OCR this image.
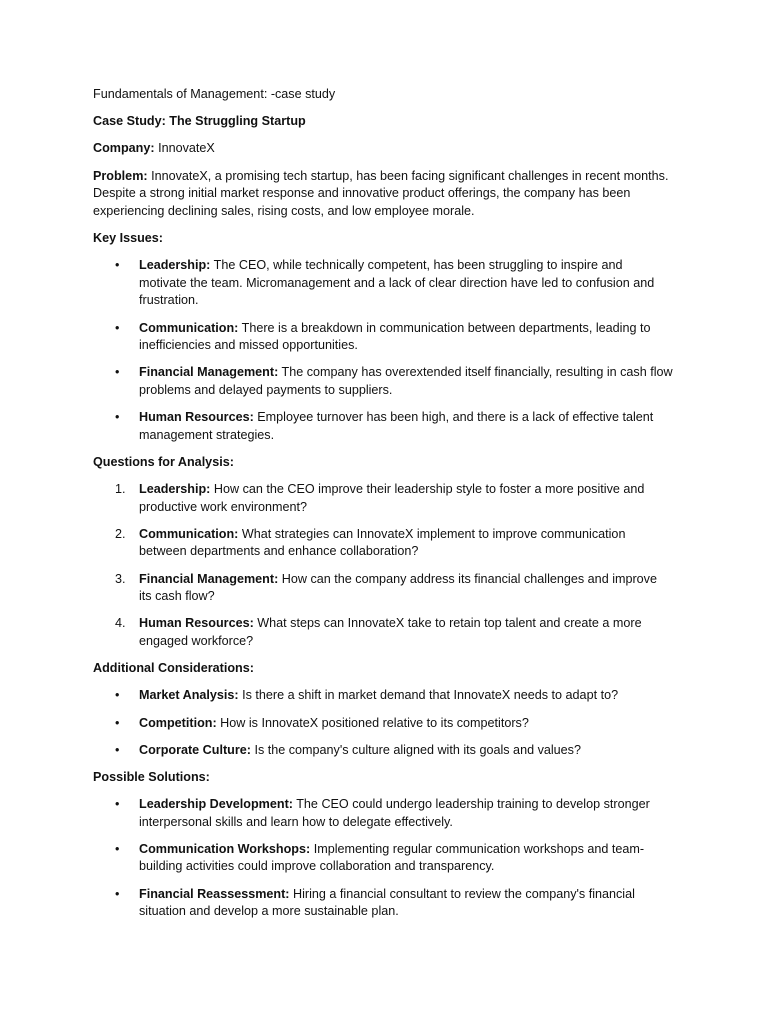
Fundamentals of Management: -case study

Case Study: The Struggling Startup

Company: InnovateX

Problem: InnovateX, a promising tech startup, has been facing significant challenges in recent months. Despite a strong initial market response and innovative product offerings, the company has been experiencing declining sales, rising costs, and low employee morale.

Key Issues:

•	Leadership: The CEO, while technically competent, has been struggling to inspire and motivate the team. Micromanagement and a lack of clear direction have led to confusion and frustration.
•	Communication: There is a breakdown in communication between departments, leading to inefficiencies and missed opportunities.
•	Financial Management: The company has overextended itself financially, resulting in cash flow problems and delayed payments to suppliers.
•	Human Resources: Employee turnover has been high, and there is a lack of effective talent management strategies.

Questions for Analysis:

1.	Leadership: How can the CEO improve their leadership style to foster a more positive and productive work environment?
2.	Communication: What strategies can InnovateX implement to improve communication between departments and enhance collaboration?
3.	Financial Management: How can the company address its financial challenges and improve its cash flow?
4.	Human Resources: What steps can InnovateX take to retain top talent and create a more engaged workforce?

Additional Considerations:

•	Market Analysis: Is there a shift in market demand that InnovateX needs to adapt to?
•	Competition: How is InnovateX positioned relative to its competitors?
•	Corporate Culture: Is the company's culture aligned with its goals and values?

Possible Solutions:

•	Leadership Development: The CEO could undergo leadership training to develop stronger interpersonal skills and learn how to delegate effectively.
•	Communication Workshops: Implementing regular communication workshops and team-building activities could improve collaboration and transparency.
•	Financial Reassessment: Hiring a financial consultant to review the company's financial situation and develop a more sustainable plan.
